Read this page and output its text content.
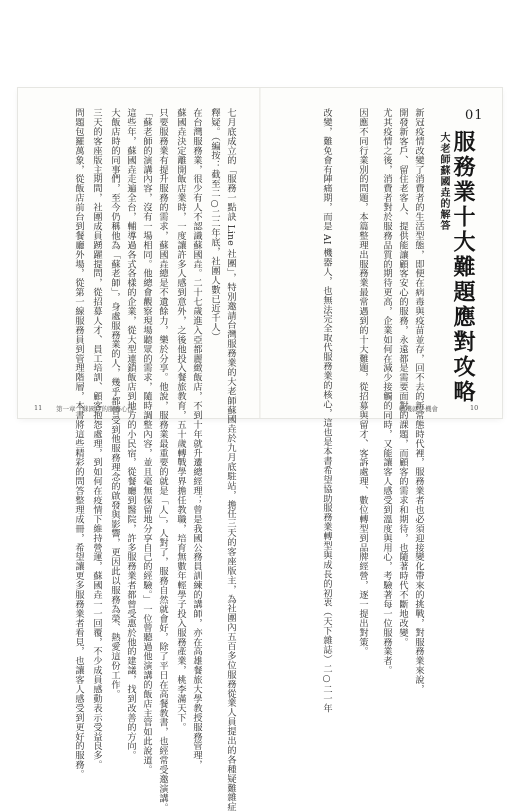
01
服務業十大難題應對攻略
大老師蘇國垚的解答
新冠疫情改變了消費者的生活型態，即便在病毒與疫苗並存，回不去的新常態時代裡，服務業者也必須迎接變化帶來的挑戰，對服務業來說，
開發新客戶、留住老客人、提供能讓顧客安心的服務，永遠都是需要面對的課題，而顧客的需求和期待，也隨著時代不斷地改變。
尤其疫情之後，消費者對於服務品質的期待更高，企業如何在減少接觸的同時，又能讓客人感受到溫度與用心，考驗著每一位服務業者。
因應不同行業別的問題，本篇整理出服務業最常遇到的十大難題，從招募與留才、客訴處理、數位轉型到品牌經營，逐一提出對策。
改變，難免會有陣痛期，而是 AI 機器人，也無法完全取代服務業的核心，這也是本書希望協助服務業轉型與成長的初衷（天下雜誌）二○二一年	轉機就是機會	10
七月底成立的「服務一點訣 Line 社團」，特別邀請台灣服務業的大老師蘇國垚於九月底駐站，擔任三天的客座版主，為社團內五百多位服務從業人員提出的各種疑難雜症
釋疑。（編按：截至二○二二年底，社團人數已近千人）
在台灣服務業，很少有人不認識蘇國垚。二十七歲進入亞都麗緻飯店，不到十年就升遷總經理；曾是我國公務員訓練的講師，亦在高雄餐旅大學教授服務管理，
蘇國垚決定離開飯店業時，一度讓許多人感到意外，之後他投入餐旅教育，五十歲轉戰學界擔任教職，培育無數年輕學子投入服務產業，桃李滿天下。
只要服務業有提升服務的需求，蘇國垚總是不遺餘力，樂於分享。他說，服務業最重要的就是「人」，人對了，服務自然就會好，除了平日在高餐教書，也經常受邀演講。
「蘇老師的演講內容，沒有一場相同。他總會觀察現場聽眾的需求，隨時調整內容，並且毫無保留地分享自己的經驗。」一位曾聽過他演講的飯店主管如此說道。
這些年，蘇國垚走遍全台，輔導過各式各樣的企業，從大型連鎖飯店到地方的小民宿，從餐廳到醫院，許多服務業者都曾受惠於他的建議，找到改善的方向。
大飯店時的同事們，至今仍稱他為「蘇老師」，身處服務業的人，幾乎都曾受到他服務理念的啟發與影響，更因此以服務為榮、熱愛這份工作。
三天的客座版主期間，社團成員踴躍提問，從招募人才、員工培訓、顧客抱怨處理，到如何在疫情下維持營運，蘇國垚一一回覆，不少成員感動表示受益良多。
問題包羅萬象，從飯店前台到餐廳外場，從第一線服務員到管理階層，本書將這些精彩的問答整理成冊，希望讓更多服務業者看見，也讓客人感受到更好的服務。
11 第一章　蘇國垚的服務心法
